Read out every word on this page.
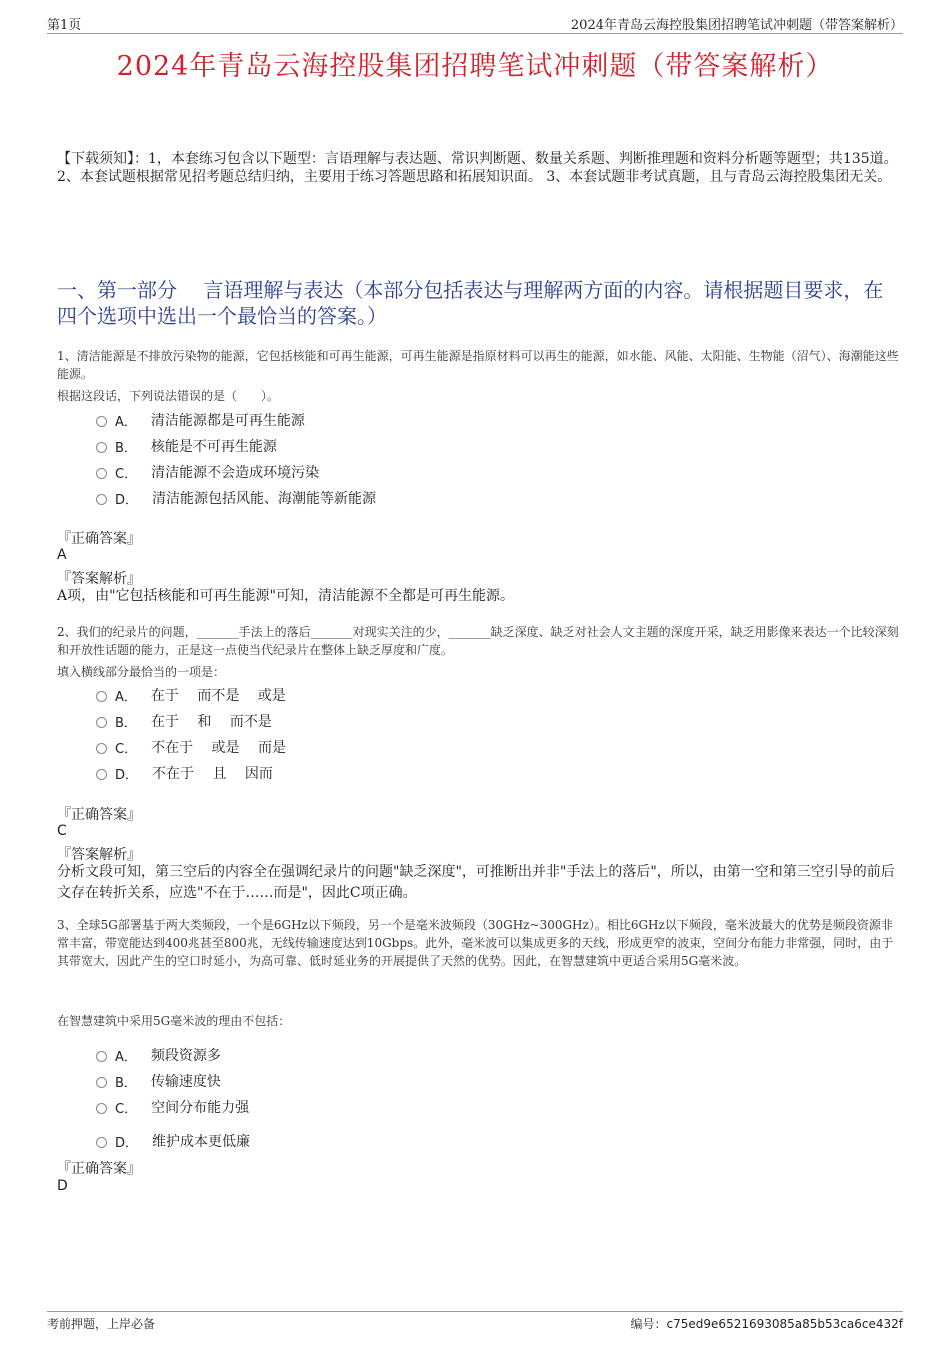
第1页	2024年青岛云海控股集团招聘笔试冲刺题（带答案解析）
2024年青岛云海控股集团招聘笔试冲刺题（带答案解析）
【下载须知】：1，本套练习包含以下题型：言语理解与表达题、常识判断题、数量关系题、判断推理题和资料分析题等题型；共135道。 2、本套试题根据常见招考题总结归纳，主要用于练习答题思路和拓展知识面。 3、本套试题非考试真题，且与青岛云海控股集团无关。
一、第一部分　 言语理解与表达（本部分包括表达与理解两方面的内容。请根据题目要求，在四个选项中选出一个最恰当的答案。）
1、清洁能源是不排放污染物的能源，它包括核能和可再生能源，可再生能源是指原材料可以再生的能源，如水能、风能、太阳能、生物能（沼气）、海潮能这些能源。
根据这段话，下列说法错误的是（　　）。
A． 清洁能源都是可再生能源
B． 核能是不可再生能源
C． 清洁能源不会造成环境污染
D． 清洁能源包括风能、海潮能等新能源
『正确答案』
A
『答案解析』
A项，由"它包括核能和可再生能源"可知，清洁能源不全都是可再生能源。
2、我们的纪录片的问题，_______手法上的落后_______对现实关注的少，_______缺乏深度、缺乏对社会人文主题的深度开采，缺乏用影像来表达一个比较深刻和开放性话题的能力，正是这一点使当代纪录片在整体上缺乏厚度和广度。
填入横线部分最恰当的一项是：
A． 在于　 而不是　 或是
B． 在于　 和　 而不是
C． 不在于　 或是　 而是
D． 不在于　 且　 因而
『正确答案』
C
『答案解析』
分析文段可知，第三空后的内容全在强调纪录片的问题"缺乏深度"，可推断出并非"手法上的落后"，所以，由第一空和第三空引导的前后文存在转折关系，应选"不在于……而是"，因此C项正确。
3、全球5G部署基于两大类频段，一个是6GHz以下频段，另一个是毫米波频段（30GHz~300GHz）。相比6GHz以下频段，毫米波最大的优势是频段资源非常丰富，带宽能达到400兆甚至800兆，无线传输速度达到10Gbps。此外，毫米波可以集成更多的天线，形成更窄的波束，空间分布能力非常强，同时，由于其带宽大，因此产生的空口时延小，为高可靠、低时延业务的开展提供了天然的优势。因此，在智慧建筑中更适合采用5G毫米波。
在智慧建筑中采用5G毫米波的理由不包括：
A． 频段资源多
B． 传输速度快
C． 空间分布能力强
D． 维护成本更低廉
『正确答案』
D
考前押题，上岸必备	编号：c75ed9e6521693085a85b53ca6ce432f
